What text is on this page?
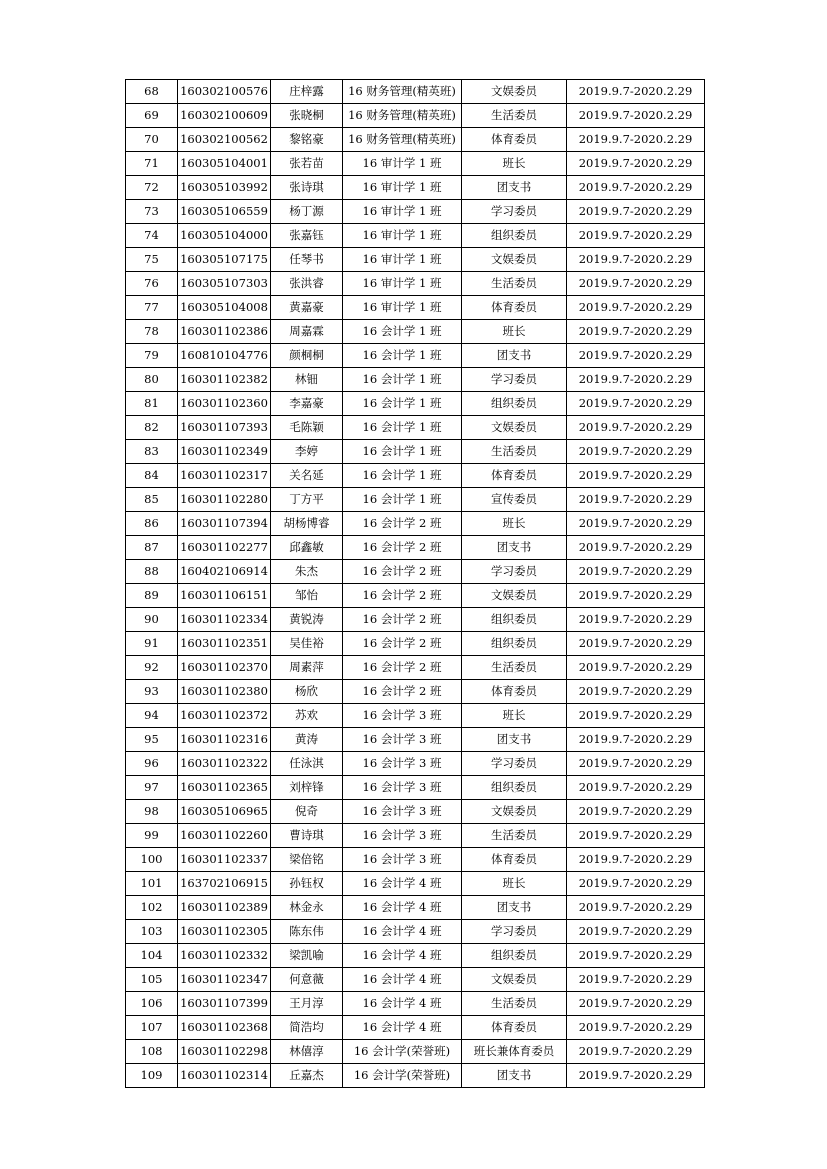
68	160302100576	庄梓露	16 财务管理(精英班)	文娱委员	2019.9.7-2020.2.29
69	160302100609	张晓桐	16 财务管理(精英班)	生活委员	2019.9.7-2020.2.29
70	160302100562	黎铭豪	16 财务管理(精英班)	体育委员	2019.9.7-2020.2.29
71	160305104001	张若苗	16 审计学 1 班	班长	2019.9.7-2020.2.29
72	160305103992	张诗琪	16 审计学 1 班	团支书	2019.9.7-2020.2.29
73	160305106559	杨丁源	16 审计学 1 班	学习委员	2019.9.7-2020.2.29
74	160305104000	张嘉钰	16 审计学 1 班	组织委员	2019.9.7-2020.2.29
75	160305107175	任琴书	16 审计学 1 班	文娱委员	2019.9.7-2020.2.29
76	160305107303	张洪睿	16 审计学 1 班	生活委员	2019.9.7-2020.2.29
77	160305104008	黄嘉豪	16 审计学 1 班	体育委员	2019.9.7-2020.2.29
78	160301102386	周嘉霖	16 会计学 1 班	班长	2019.9.7-2020.2.29
79	160810104776	颜桐桐	16 会计学 1 班	团支书	2019.9.7-2020.2.29
80	160301102382	林钿	16 会计学 1 班	学习委员	2019.9.7-2020.2.29
81	160301102360	李嘉豪	16 会计学 1 班	组织委员	2019.9.7-2020.2.29
82	160301107393	毛陈颖	16 会计学 1 班	文娱委员	2019.9.7-2020.2.29
83	160301102349	李婷	16 会计学 1 班	生活委员	2019.9.7-2020.2.29
84	160301102317	关名延	16 会计学 1 班	体育委员	2019.9.7-2020.2.29
85	160301102280	丁方平	16 会计学 1 班	宣传委员	2019.9.7-2020.2.29
86	160301107394	胡杨博睿	16 会计学 2 班	班长	2019.9.7-2020.2.29
87	160301102277	邱鑫敏	16 会计学 2 班	团支书	2019.9.7-2020.2.29
88	160402106914	朱杰	16 会计学 2 班	学习委员	2019.9.7-2020.2.29
89	160301106151	邹怡	16 会计学 2 班	文娱委员	2019.9.7-2020.2.29
90	160301102334	黄锐涛	16 会计学 2 班	组织委员	2019.9.7-2020.2.29
91	160301102351	吴佳裕	16 会计学 2 班	组织委员	2019.9.7-2020.2.29
92	160301102370	周素萍	16 会计学 2 班	生活委员	2019.9.7-2020.2.29
93	160301102380	杨欣	16 会计学 2 班	体育委员	2019.9.7-2020.2.29
94	160301102372	苏欢	16 会计学 3 班	班长	2019.9.7-2020.2.29
95	160301102316	黄涛	16 会计学 3 班	团支书	2019.9.7-2020.2.29
96	160301102322	任泳淇	16 会计学 3 班	学习委员	2019.9.7-2020.2.29
97	160301102365	刘梓锋	16 会计学 3 班	组织委员	2019.9.7-2020.2.29
98	160305106965	倪奇	16 会计学 3 班	文娱委员	2019.9.7-2020.2.29
99	160301102260	曹诗琪	16 会计学 3 班	生活委员	2019.9.7-2020.2.29
100	160301102337	梁倍铭	16 会计学 3 班	体育委员	2019.9.7-2020.2.29
101	163702106915	孙钰权	16 会计学 4 班	班长	2019.9.7-2020.2.29
102	160301102389	林金永	16 会计学 4 班	团支书	2019.9.7-2020.2.29
103	160301102305	陈东伟	16 会计学 4 班	学习委员	2019.9.7-2020.2.29
104	160301102332	梁凯喻	16 会计学 4 班	组织委员	2019.9.7-2020.2.29
105	160301102347	何意薇	16 会计学 4 班	文娱委员	2019.9.7-2020.2.29
106	160301107399	王月淳	16 会计学 4 班	生活委员	2019.9.7-2020.2.29
107	160301102368	简浩均	16 会计学 4 班	体育委员	2019.9.7-2020.2.29
108	160301102298	林僖淳	16 会计学(荣誉班)	班长兼体育委员	2019.9.7-2020.2.29
109	160301102314	丘嘉杰	16 会计学(荣誉班)	团支书	2019.9.7-2020.2.29
